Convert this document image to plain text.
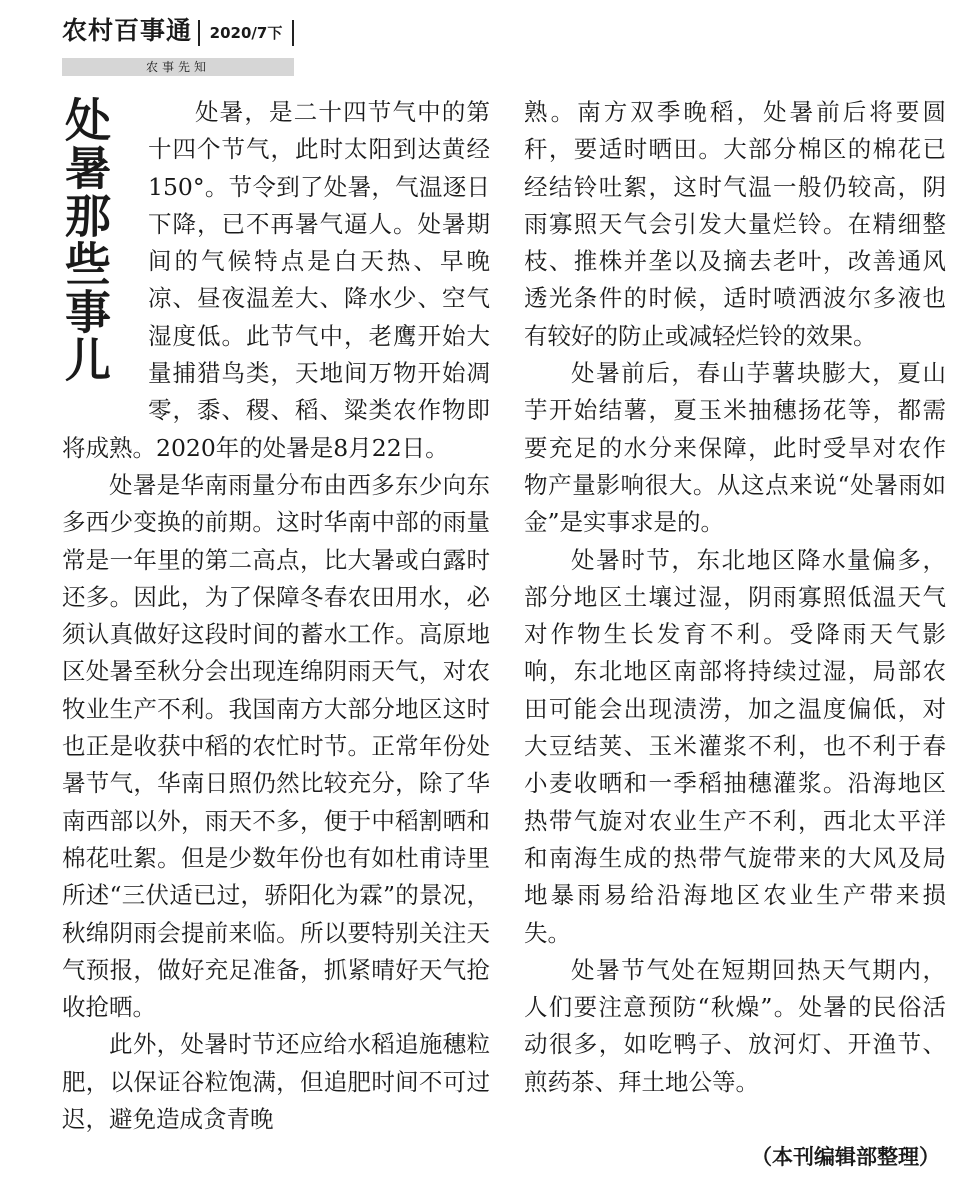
农村百事通	2020/7下
农事先知
处暑那些事儿	处暑，是二十四节气中的第十四个节气，此时太阳到达黄经150°。节令到了处暑，气温逐日下降，已不再暑气逼人。处暑期间的气候特点是白天热、早晚凉、昼夜温差大、降水少、空气湿度低。此节气中，老鹰开始大量捕猎鸟类，天地间万物开始凋零，黍、稷、稻、粱类农作物即将成熟。2020年的处暑是8月22日。

处暑是华南雨量分布由西多东少向东多西少变换的前期。这时华南中部的雨量常是一年里的第二高点，比大暑或白露时还多。因此，为了保障冬春农田用水，必须认真做好这段时间的蓄水工作。高原地区处暑至秋分会出现连绵阴雨天气，对农牧业生产不利。我国南方大部分地区这时也正是收获中稻的农忙时节。正常年份处暑节气，华南日照仍然比较充分，除了华南西部以外，雨天不多，便于中稻割晒和棉花吐絮。但是少数年份也有如杜甫诗里所述“三伏适已过，骄阳化为霖”的景况，秋绵阴雨会提前来临。所以要特别关注天气预报，做好充足准备，抓紧晴好天气抢收抢晒。

此外，处暑时节还应给水稻追施穗粒肥，以保证谷粒饱满，但追肥时间不可过迟，避免造成贪青晚

熟。南方双季晚稻，处暑前后将要圆秆，要适时晒田。大部分棉区的棉花已经结铃吐絮，这时气温一般仍较高，阴雨寡照天气会引发大量烂铃。在精细整枝、推株并垄以及摘去老叶，改善通风透光条件的时候，适时喷洒波尔多液也有较好的防止或减轻烂铃的效果。

处暑前后，春山芋薯块膨大，夏山芋开始结薯，夏玉米抽穗扬花等，都需要充足的水分来保障，此时受旱对农作物产量影响很大。从这点来说“处暑雨如金”是实事求是的。

处暑时节，东北地区降水量偏多，部分地区土壤过湿，阴雨寡照低温天气对作物生长发育不利。受降雨天气影响，东北地区南部将持续过湿，局部农田可能会出现渍涝，加之温度偏低，对大豆结荚、玉米灌浆不利，也不利于春小麦收晒和一季稻抽穗灌浆。沿海地区热带气旋对农业生产不利，西北太平洋和南海生成的热带气旋带来的大风及局地暴雨易给沿海地区农业生产带来损失。

处暑节气处在短期回热天气期内，人们要注意预防“秋燥”。处暑的民俗活动很多，如吃鸭子、放河灯、开渔节、煎药茶、拜土地公等。

（本刊编辑部整理）
